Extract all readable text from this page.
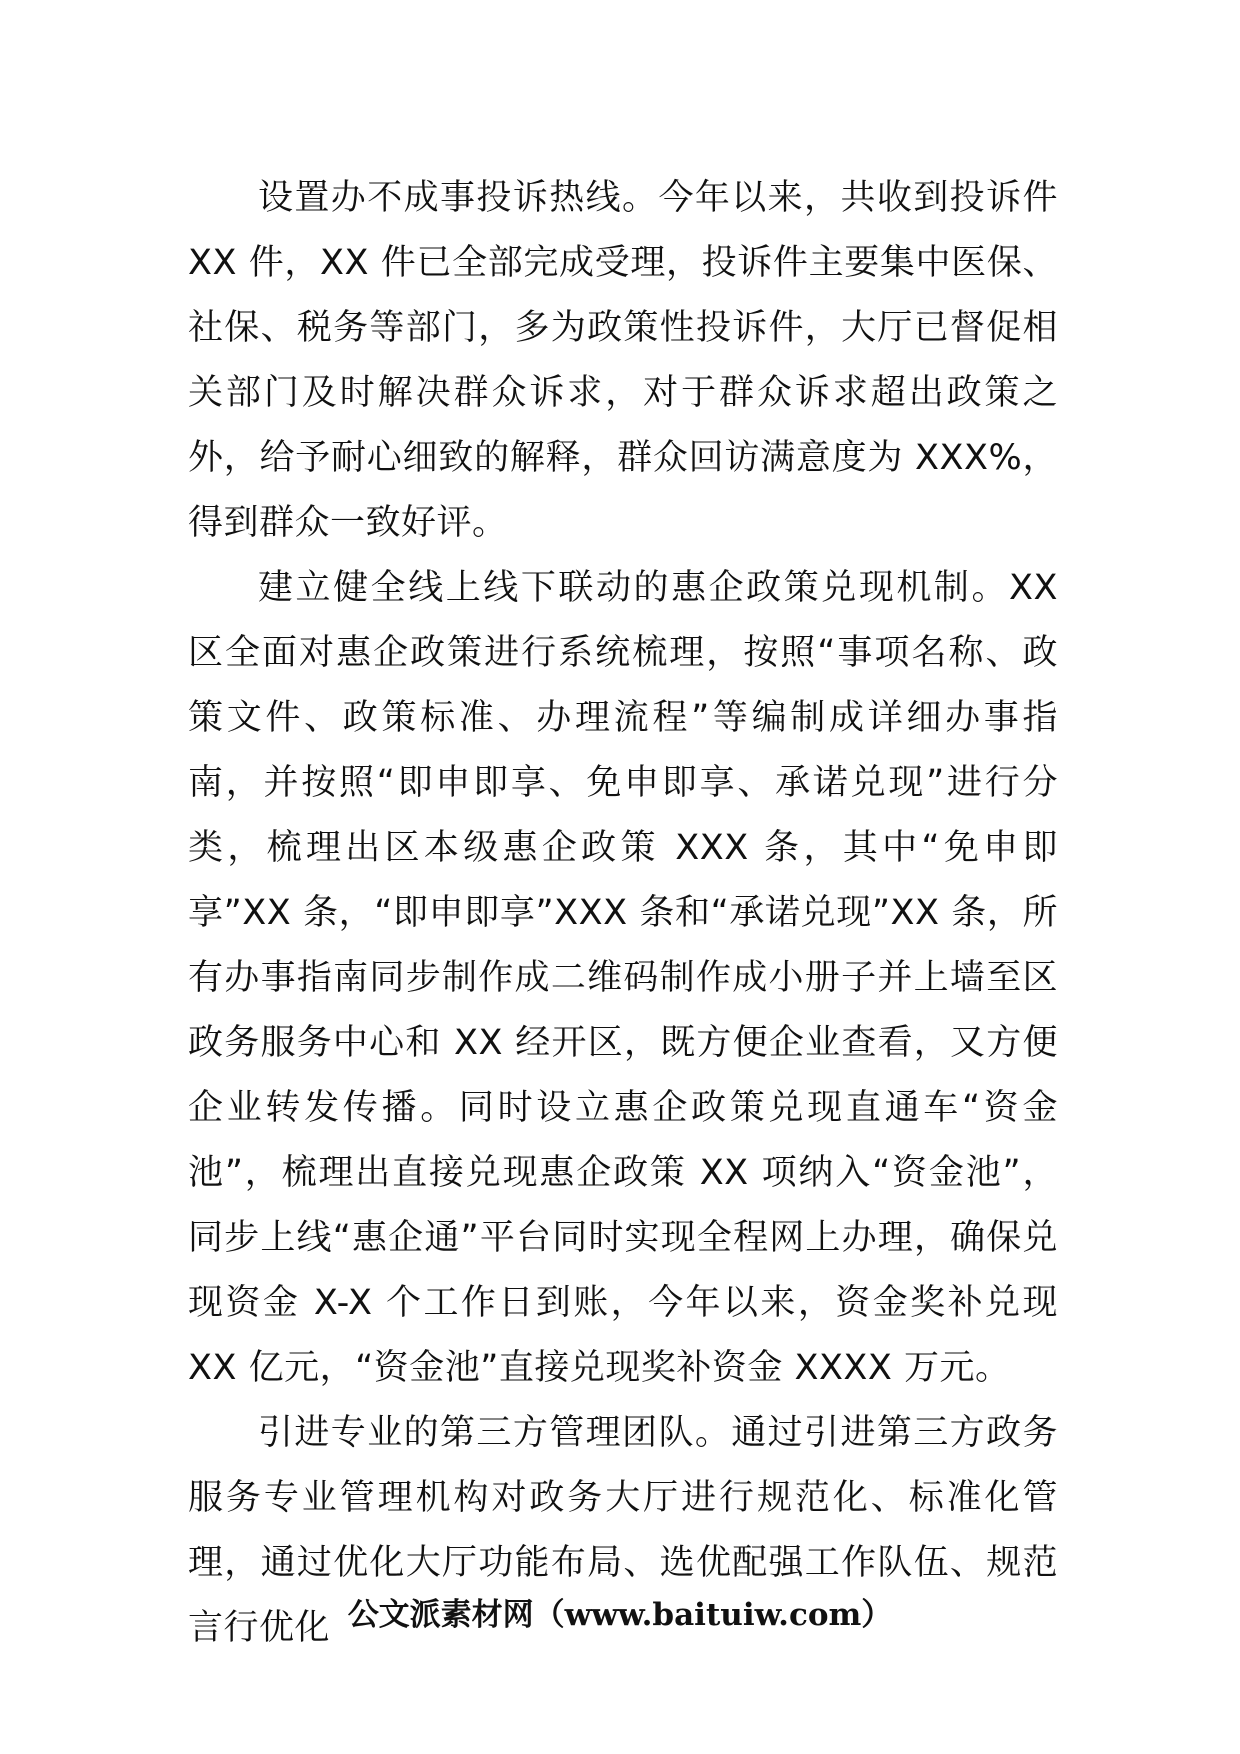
设置办不成事投诉热线。今年以来，共收到投诉件 XX 件，XX 件已全部完成受理，投诉件主要集中医保、社保、税务等部门，多为政策性投诉件，大厅已督促相关部门及时解决群众诉求，对于群众诉求超出政策之外，给予耐心细致的解释，群众回访满意度为 XXX%，得到群众一致好评。

建立健全线上线下联动的惠企政策兑现机制。XX 区全面对惠企政策进行系统梳理，按照“事项名称、政策文件、政策标准、办理流程”等编制成详细办事指南，并按照“即申即享、免申即享、承诺兑现”进行分类，梳理出区本级惠企政策 XXX 条，其中“免申即享”XX 条，“即申即享”XXX 条和“承诺兑现”XX 条，所有办事指南同步制作成二维码制作成小册子并上墙至区政务服务中心和 XX 经开区，既方便企业查看，又方便企业转发传播。同时设立惠企政策兑现直通车“资金池”，梳理出直接兑现惠企政策 XX 项纳入“资金池”，同步上线“惠企通”平台同时实现全程网上办理，确保兑现资金 X-X 个工作日到账，今年以来，资金奖补兑现 XX 亿元，“资金池”直接兑现奖补资金 XXXX 万元。

引进专业的第三方管理团队。通过引进第三方政务服务专业管理机构对政务大厅进行规范化、标准化管理，通过优化大厅功能布局、选优配强工作队伍、规范言行优化 公文派素材网（www.baituiw.com）
